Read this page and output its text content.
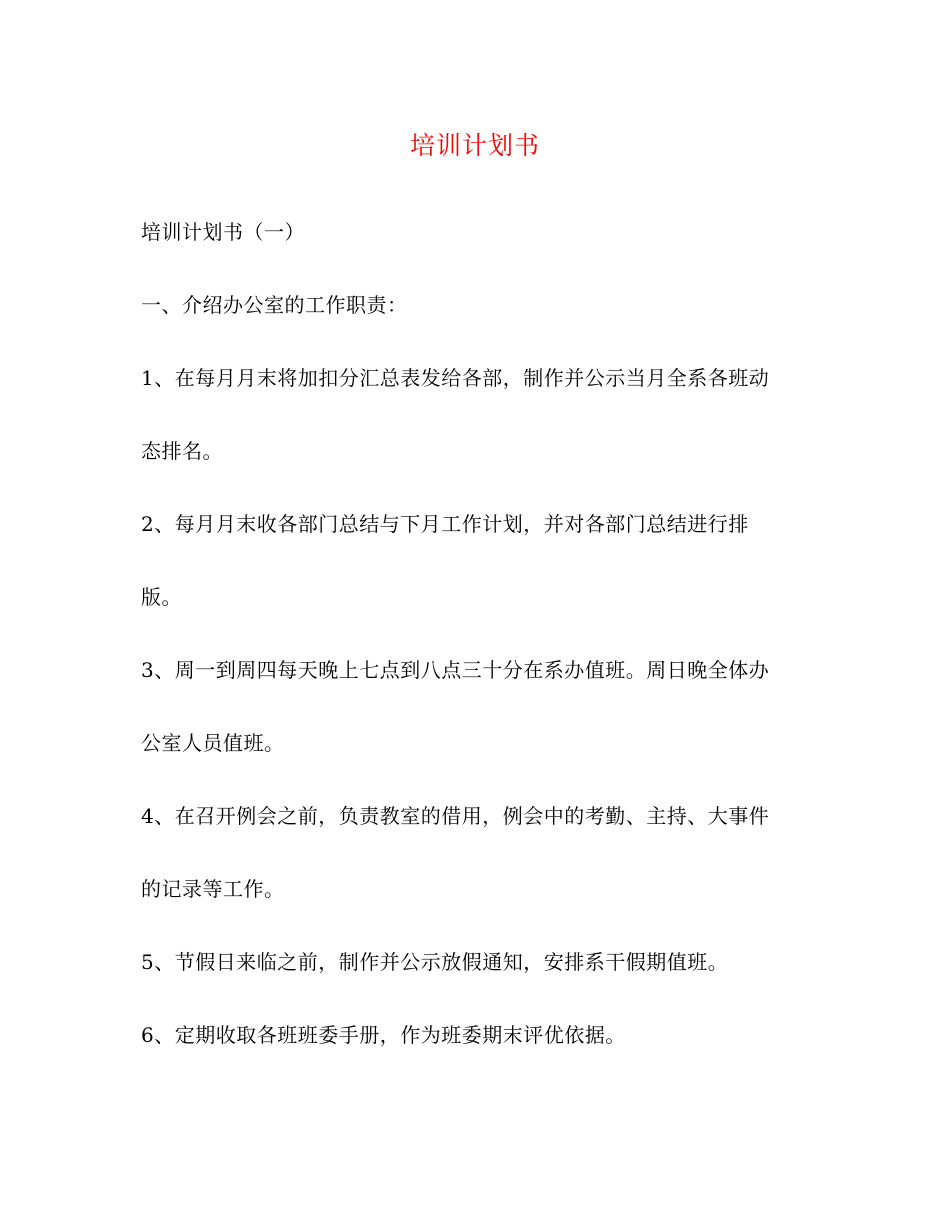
培训计划书

培训计划书（一）

一、介绍办公室的工作职责：

1、在每月月末将加扣分汇总表发给各部，制作并公示当月全系各班动
态排名。

2、每月月末收各部门总结与下月工作计划，并对各部门总结进行排
版。

3、周一到周四每天晚上七点到八点三十分在系办值班。周日晚全体办
公室人员值班。

4、在召开例会之前，负责教室的借用，例会中的考勤、主持、大事件
的记录等工作。

5、节假日来临之前，制作并公示放假通知，安排系干假期值班。

6、定期收取各班班委手册，作为班委期末评优依据。
